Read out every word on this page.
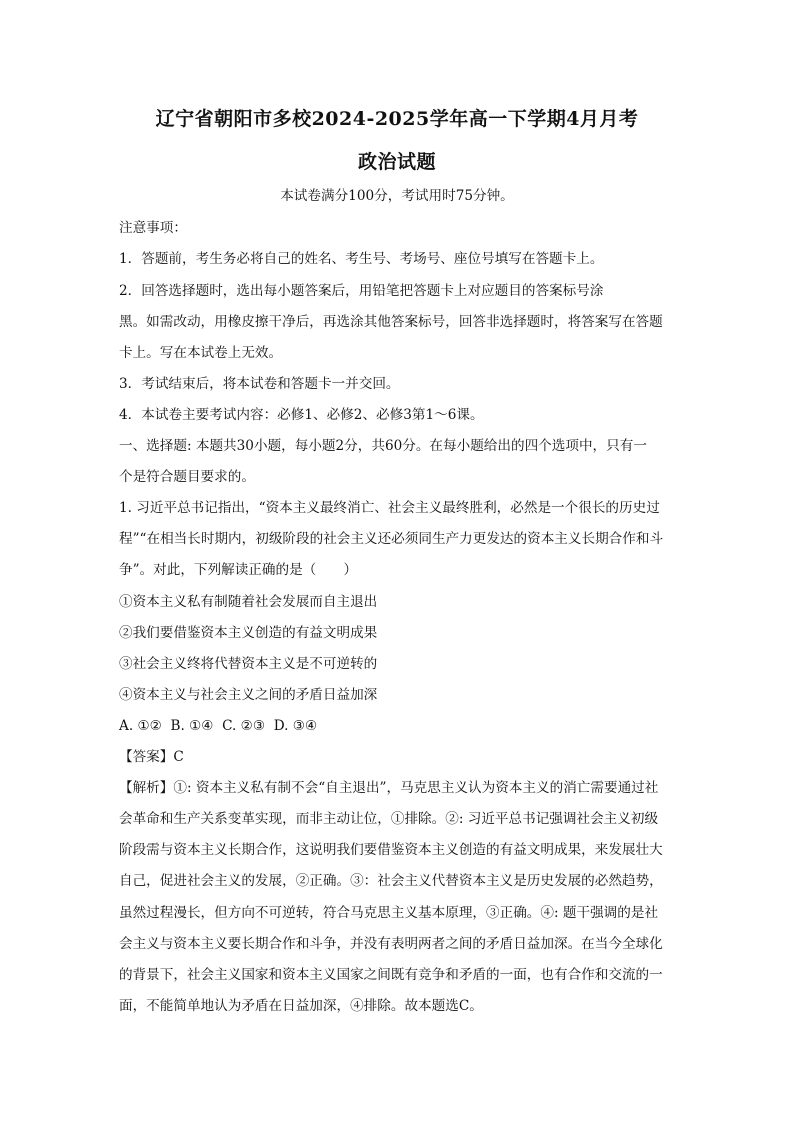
辽宁省朝阳市多校2024-2025学年高一下学期4月月考
政治试题
本试卷满分100分，考试用时75分钟。
注意事项：
1．答题前，考生务必将自己的姓名、考生号、考场号、座位号填写在答题卡上。
2．回答选择题时，选出每小题答案后，用铅笔把答题卡上对应题目的答案标号涂
黑。如需改动，用橡皮擦干净后，再选涂其他答案标号，回答非选择题时，将答案写在答题
卡上。写在本试卷上无效。
3．考试结束后，将本试卷和答题卡一并交回。
4．本试卷主要考试内容：必修1、必修2、必修3第1～6课。
一、选择题: 本题共30小题，每小题2分，共60分。在每小题给出的四个选项中，只有一
个是符合题目要求的。
1. 习近平总书记指出，“资本主义最终消亡、社会主义最终胜利，必然是一个很长的历史过
程”“在相当长时期内，初级阶段的社会主义还必须同生产力更发达的资本主义长期合作和斗
争”。对此，下列解读正确的是（　　）
①资本主义私有制随着社会发展而自主退出
②我们要借鉴资本主义创造的有益文明成果
③社会主义终将代替资本主义是不可逆转的
④资本主义与社会主义之间的矛盾日益加深
A. ①②  B. ①④  C. ②③  D. ③④
【答案】C
【解析】①: 资本主义私有制不会“自主退出”，马克思主义认为资本主义的消亡需要通过社
会革命和生产关系变革实现，而非主动让位，①排除。②: 习近平总书记强调社会主义初级
阶段需与资本主义长期合作，这说明我们要借鉴资本主义创造的有益文明成果，来发展壮大
自己，促进社会主义的发展，②正确。③：社会主义代替资本主义是历史发展的必然趋势，
虽然过程漫长，但方向不可逆转，符合马克思主义基本原理，③正确。④: 题干强调的是社
会主义与资本主义要长期合作和斗争，并没有表明两者之间的矛盾日益加深。在当今全球化
的背景下，社会主义国家和资本主义国家之间既有竞争和矛盾的一面，也有合作和交流的一
面，不能简单地认为矛盾在日益加深，④排除。故本题选C。
